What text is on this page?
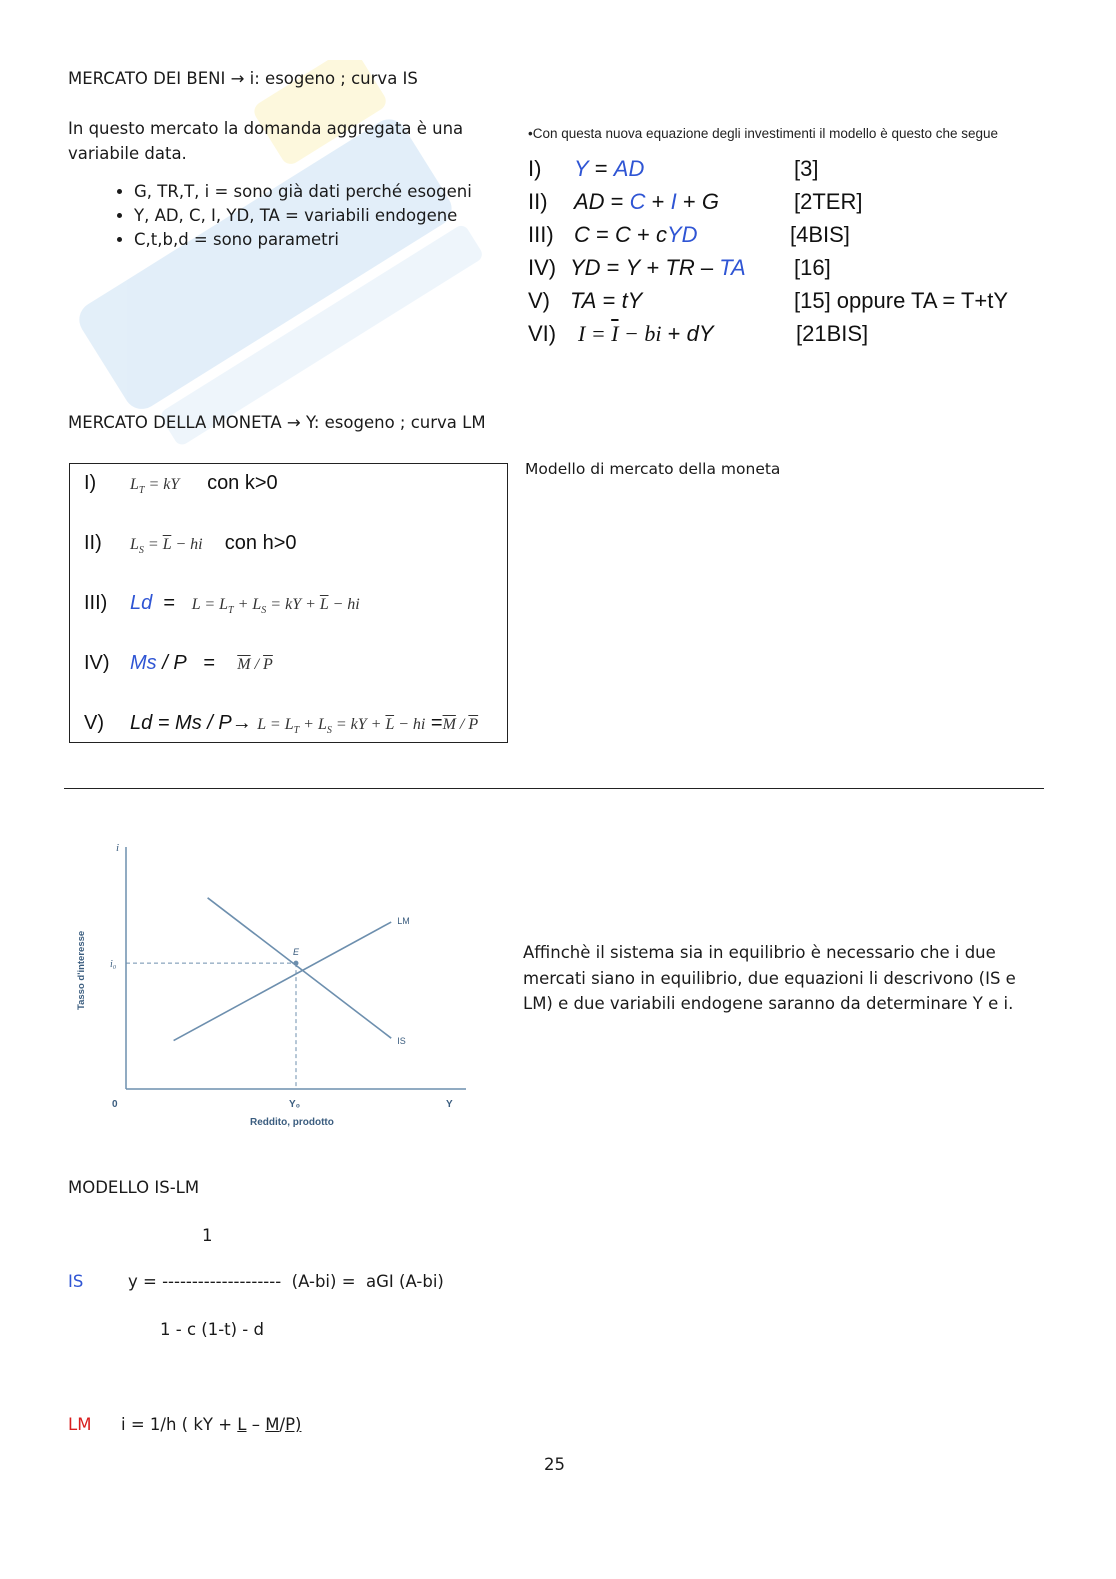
MERCATO DEI BENI → i: esogeno ; curva IS
In questo mercato la domanda aggregata è una variabile data.
• G, TR,T, i = sono già dati perché esogeni
• Y, AD, C, I, YD, TA = variabili endogene
• C,t,b,d = sono parametri
•Con questa nuova equazione degli investimenti il modello è questo che segue
I) Y = AD	[3]
II) AD = C + I + G	[2TER]
III) C = C + cYD	[4BIS]
IV) YD = Y + TR – TA [16]
V) TA = tY	[15] oppure TA = T+tY
VI) $I = \overline{I}$ − bi + dY	[21BIS]
MERCATO DELLA MONETA → Y: esogeno ; curva LM
Modello di mercato della moneta
I) $L_T$ = kY con k>0
II) $L_S = \overline{L}$ − hi con h>0
III) $Ld = L = L_T + L_S$ = kY + $\overline{L}$ − hi
IV) Ms / P   =    $\overline{M} / \overline{P}$
V) $Ld = Ms / P\to L = L_T + L_S$ = kY + $\overline{L}$ − hi $=\overline{M} / \overline{P}$
i
0	Y
Reddito, prodotto
Tasso d'interesse
LM
IS
E
i₀
Y₀
Affinchè il sistema sia in equilibrio è necessario che i due mercati siano in equilibrio, due equazioni li descrivono (IS e LM) e due variabili endogene saranno da determinare Y e i.
MODELLO IS-LM
1
IS	y = --------------------  (A-bi) =  aGI (A-bi)
1 - c (1-t) - d
LM i = 1/h ( kY + L – M/P)
25
